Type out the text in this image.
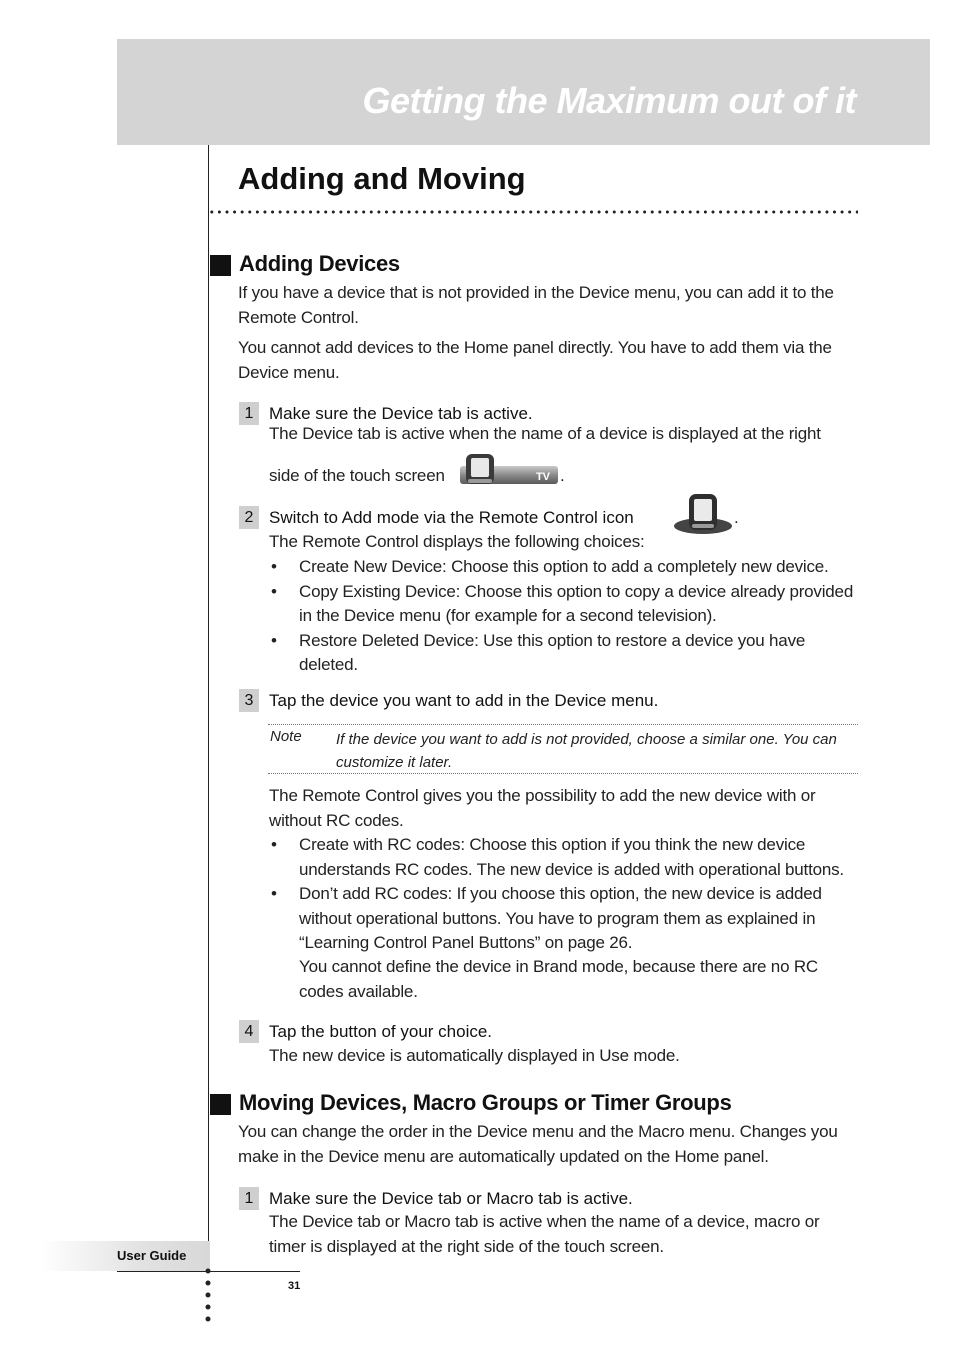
Getting the Maximum out of it
Adding and Moving
Adding Devices

If you have a device that is not provided in the Device menu, you can add it to the Remote Control.

You cannot add devices to the Home panel directly. You have to add them via the Device menu.

1 Make sure the Device tab is active.

The Device tab is active when the name of a device is displayed at the right

side of the touch screen	TV .
2 Switch to Add mode via the Remote Control icon	.

The Remote Control displays the following choices:

• Create New Device: Choose this option to add a completely new device.
• Copy Existing Device: Choose this option to copy a device already provided in the Device menu (for example for a second television).
• Restore Deleted Device: Use this option to restore a device you have deleted.
3 Tap the device you want to add in the Device menu.

Note If the device you want to add is not provided, choose a similar one. You can customize it later.

The Remote Control gives you the possibility to add the new device with or without RC codes.

• Create with RC codes: Choose this option if you think the new device understands RC codes. The new device is added with operational buttons.
• Don’t add RC codes: If you choose this option, the new device is added without operational buttons. You have to program them as explained in “Learning Control Panel Buttons” on page 26.

You cannot define the device in Brand mode, because there are no RC codes available.

4 Tap the button of your choice.

The new device is automatically displayed in Use mode.

Moving Devices, Macro Groups or Timer Groups

You can change the order in the Device menu and the Macro menu. Changes you make in the Device menu are automatically updated on the Home panel.

1 Make sure the Device tab or Macro tab is active.

The Device tab or Macro tab is active when the name of a device, macro or timer is displayed at the right side of the touch screen.

User Guide
31
